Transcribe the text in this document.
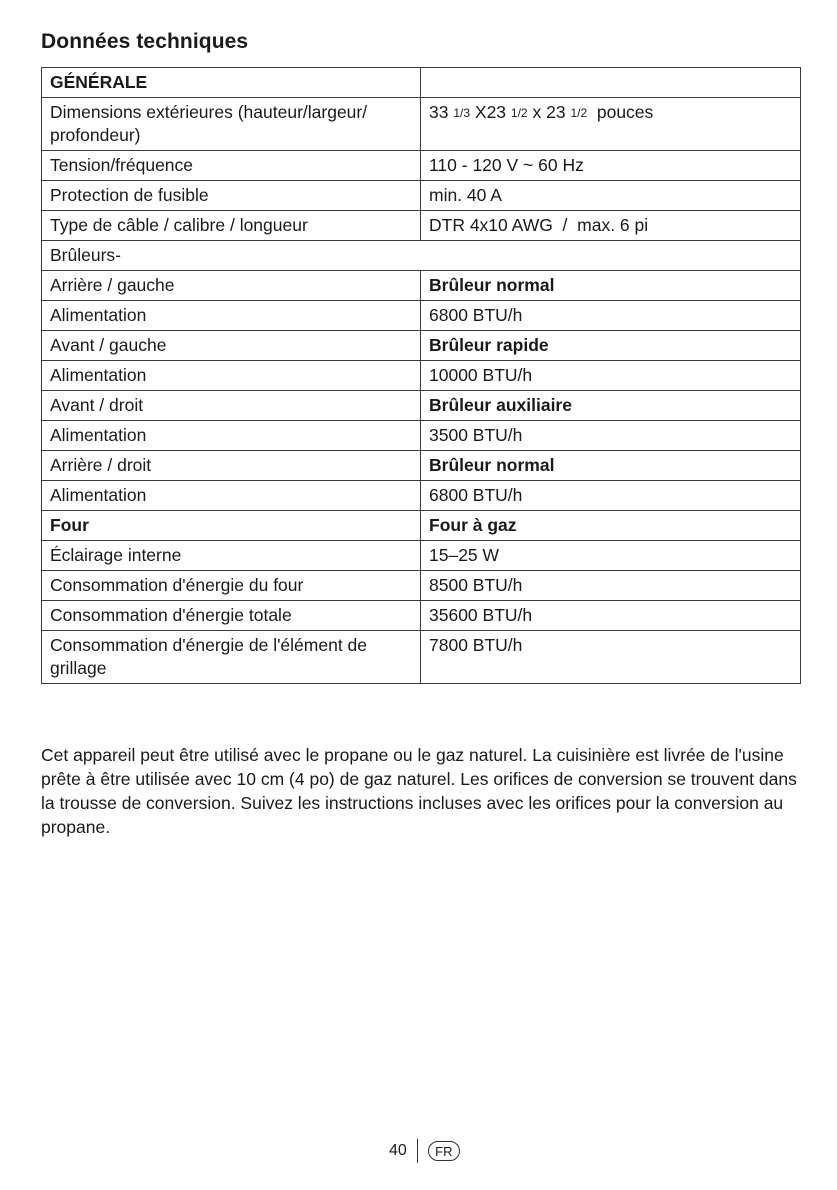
Données techniques
GÉNÉRALE	
Dimensions extérieures (hauteur/largeur/ profondeur)	33 1/3 X23 1/2 x 23 1/2 pouces
Tension/fréquence	110 - 120 V ~ 60 Hz
Protection de fusible	min. 40 A
Type de câble / calibre / longueur	DTR 4x10 AWG  /  max. 6 pi
Brûleurs-	
Arrière / gauche	Brûleur normal
Alimentation	6800 BTU/h
Avant / gauche	Brûleur rapide
Alimentation	10000 BTU/h
Avant / droit	Brûleur auxiliaire
Alimentation	3500 BTU/h
Arrière / droit	Brûleur normal
Alimentation	6800 BTU/h
Four	Four à gaz
Éclairage interne	15–25 W
Consommation d'énergie du four	8500 BTU/h
Consommation d'énergie totale	35600 BTU/h
Consommation d'énergie de l'élément de grillage	7800 BTU/h

Cet appareil peut être utilisé avec le propane ou le gaz naturel. La cuisinière est livrée de l'usine prête à être utilisée avec 10 cm (4 po) de gaz naturel. Les orifices de conversion se trouvent dans la trousse de conversion. Suivez les instructions incluses avec les orifices pour la conversion au propane.

40	FR
